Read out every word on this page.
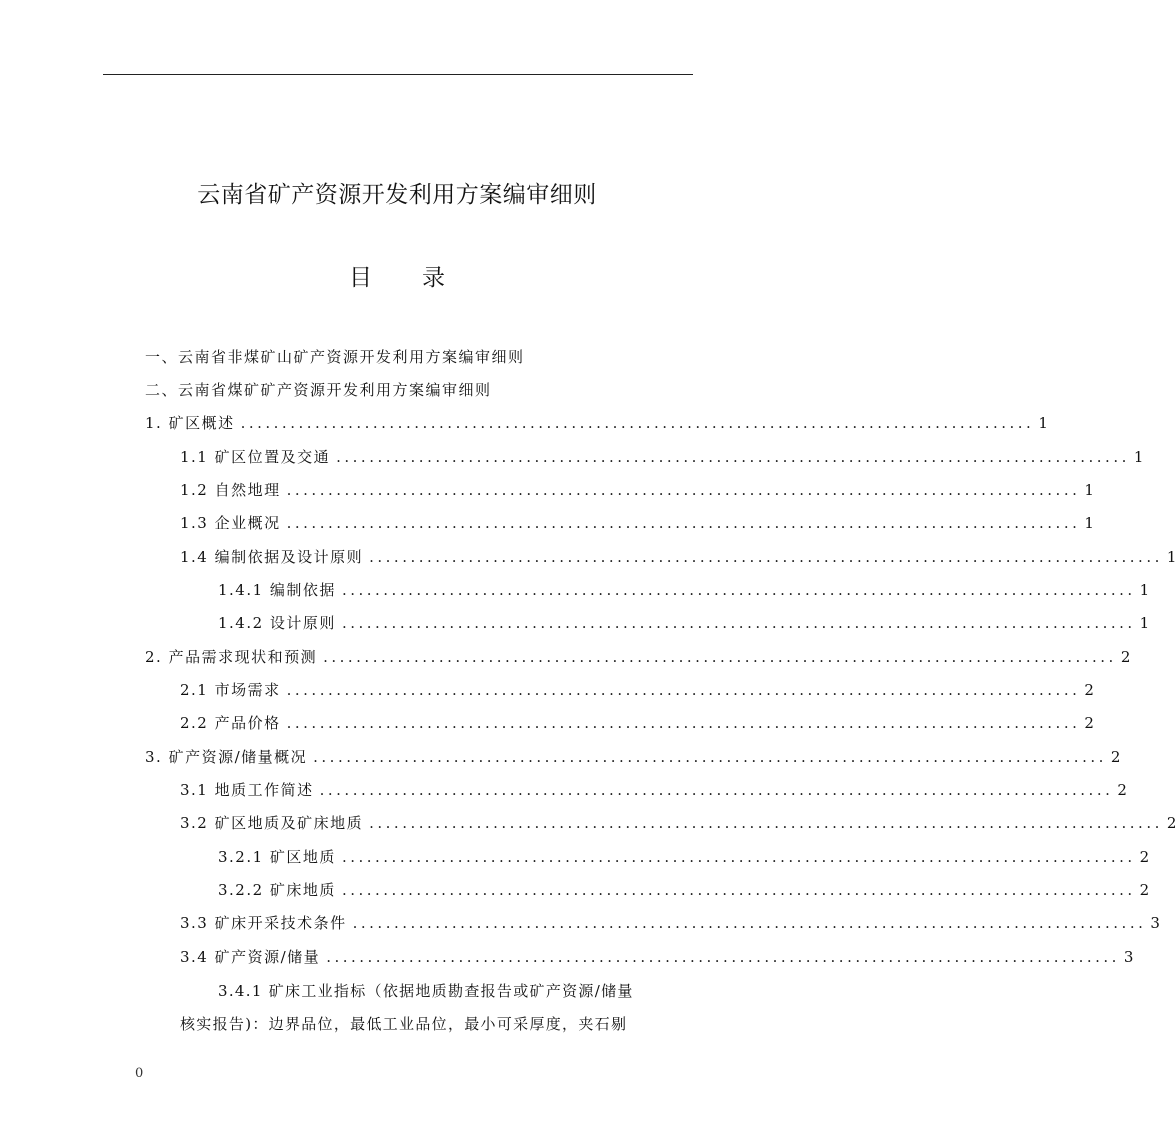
云南省矿产资源开发利用方案编审细则
目 录
一、云南省非煤矿山矿产资源开发利用方案编审细则
二、云南省煤矿矿产资源开发利用方案编审细则
1. 矿区概述 ................................................................................................ 1
1.1 矿区位置及交通 ................................................................................................ 1
1.2 自然地理 ................................................................................................ 1
1.3 企业概况 ................................................................................................ 1
1.4 编制依据及设计原则 ................................................................................................ 1
1.4.1 编制依据 ................................................................................................ 1
1.4.2 设计原则 ................................................................................................ 1
2. 产品需求现状和预测 ................................................................................................ 2
2.1 市场需求 ................................................................................................ 2
2.2 产品价格 ................................................................................................ 2
3. 矿产资源/储量概况 ................................................................................................ 2
3.1 地质工作简述 ................................................................................................ 2
3.2 矿区地质及矿床地质 ................................................................................................ 2
3.2.1 矿区地质 ................................................................................................ 2
3.2.2 矿床地质 ................................................................................................ 2
3.3 矿床开采技术条件 ................................................................................................ 3
3.4 矿产资源/储量 ................................................................................................ 3
3.4.1 矿床工业指标（依据地质勘查报告或矿产资源/储量
核实报告)：边界品位，最低工业品位，最小可采厚度，夹石剔
0
